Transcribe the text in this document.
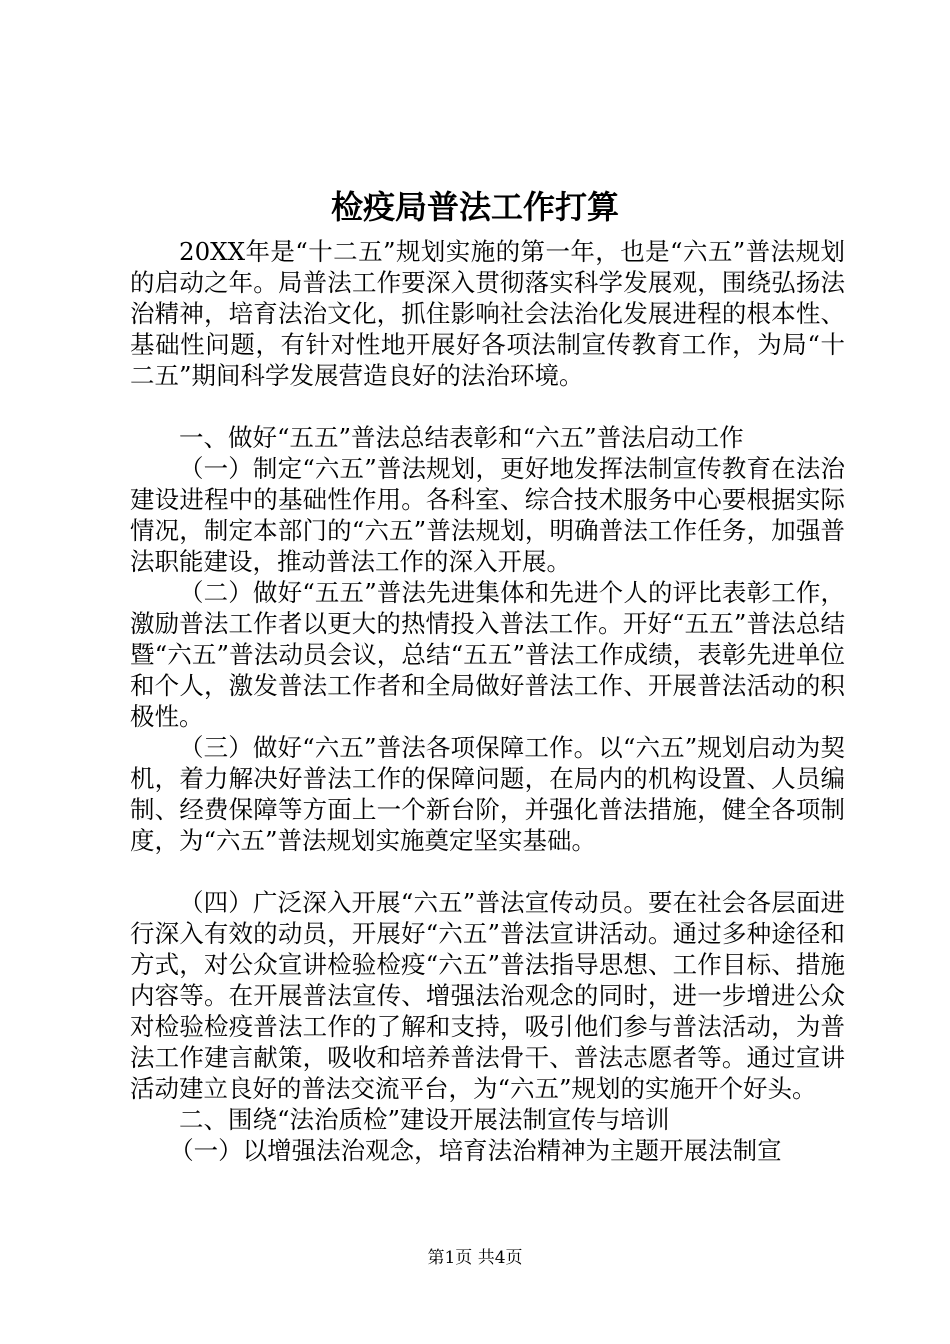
检疫局普法工作打算

20XX年是“十二五”规划实施的第一年，也是“六五”普法规划的启动之年。局普法工作要深入贯彻落实科学发展观，围绕弘扬法治精神，培育法治文化，抓住影响社会法治化发展进程的根本性、基础性问题，有针对性地开展好各项法制宣传教育工作，为局“十二五”期间科学发展营造良好的法治环境。

一、做好“五五”普法总结表彰和“六五”普法启动工作

（一）制定“六五”普法规划，更好地发挥法制宣传教育在法治建设进程中的基础性作用。各科室、综合技术服务中心要根据实际情况，制定本部门的“六五”普法规划，明确普法工作任务，加强普法职能建设，推动普法工作的深入开展。

（二）做好“五五”普法先进集体和先进个人的评比表彰工作，激励普法工作者以更大的热情投入普法工作。开好“五五”普法总结暨“六五”普法动员会议，总结“五五”普法工作成绩，表彰先进单位和个人，激发普法工作者和全局做好普法工作、开展普法活动的积极性。

（三）做好“六五”普法各项保障工作。以“六五”规划启动为契机，着力解决好普法工作的保障问题，在局内的机构设置、人员编制、经费保障等方面上一个新台阶，并强化普法措施，健全各项制度，为“六五”普法规划实施奠定坚实基础。

（四）广泛深入开展“六五”普法宣传动员。要在社会各层面进行深入有效的动员，开展好“六五”普法宣讲活动。通过多种途径和方式，对公众宣讲检验检疫“六五”普法指导思想、工作目标、措施内容等。在开展普法宣传、增强法治观念的同时，进一步增进公众对检验检疫普法工作的了解和支持，吸引他们参与普法活动，为普法工作建言献策，吸收和培养普法骨干、普法志愿者等。通过宣讲活动建立良好的普法交流平台，为“六五”规划的实施开个好头。

二、围绕“法治质检”建设开展法制宣传与培训

（一）以增强法治观念，培育法治精神为主题开展法制宣

第1页 共4页
